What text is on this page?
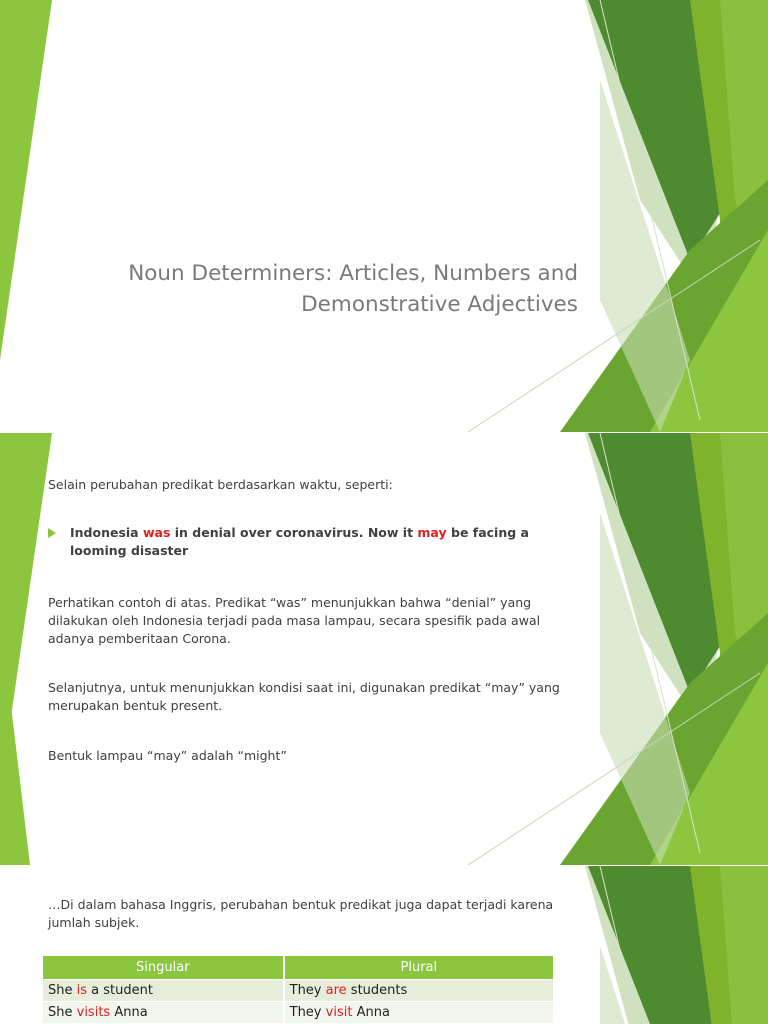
Noun Determiners: Articles, Numbers and
Demonstrative Adjectives
Selain perubahan predikat berdasarkan waktu, seperti:
Indonesia was in denial over coronavirus. Now it may be facing a looming disaster
Perhatikan contoh di atas. Predikat “was” menunjukkan bahwa “denial” yang dilakukan oleh Indonesia terjadi pada masa lampau, secara spesifik pada awal adanya pemberitaan Corona.
Selanjutnya, untuk menunjukkan kondisi saat ini, digunakan predikat “may” yang merupakan bentuk present.
Bentuk lampau “may” adalah “might”
…Di dalam bahasa Inggris, perubahan bentuk predikat juga dapat terjadi karena jumlah subjek.
Singular	Plural
She is a student	They are students
She visits Anna	They visit Anna
